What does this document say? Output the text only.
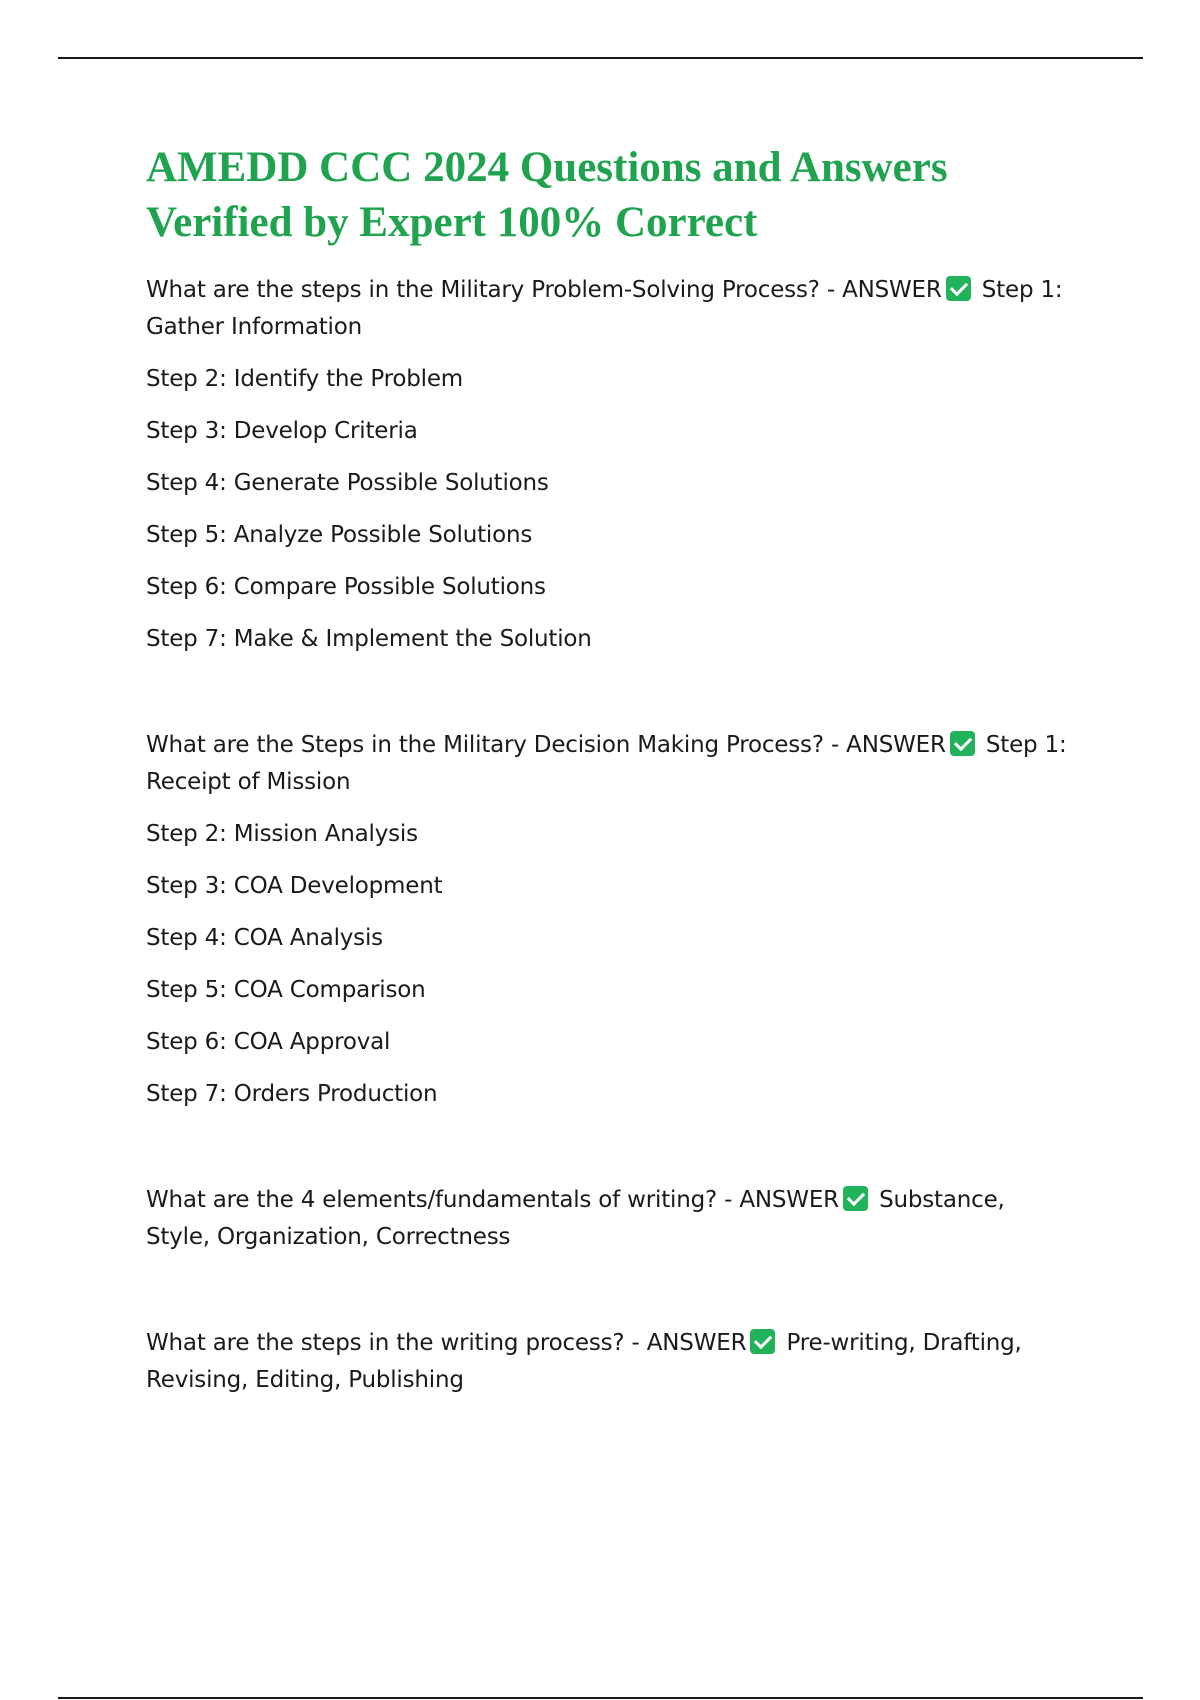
AMEDD CCC 2024 Questions and Answers
Verified by Expert 100% Correct

What are the steps in the Military Problem-Solving Process? - ANSWER Step 1:
Gather Information

Step 2: Identify the Problem

Step 3: Develop Criteria

Step 4: Generate Possible Solutions

Step 5: Analyze Possible Solutions

Step 6: Compare Possible Solutions

Step 7: Make & Implement the Solution

What are the Steps in the Military Decision Making Process? - ANSWER Step 1:
Receipt of Mission

Step 2: Mission Analysis

Step 3: COA Development

Step 4: COA Analysis

Step 5: COA Comparison

Step 6: COA Approval

Step 7: Orders Production

What are the 4 elements/fundamentals of writing? - ANSWER Substance,
Style, Organization, Correctness

What are the steps in the writing process? - ANSWER Pre-writing, Drafting,
Revising, Editing, Publishing
